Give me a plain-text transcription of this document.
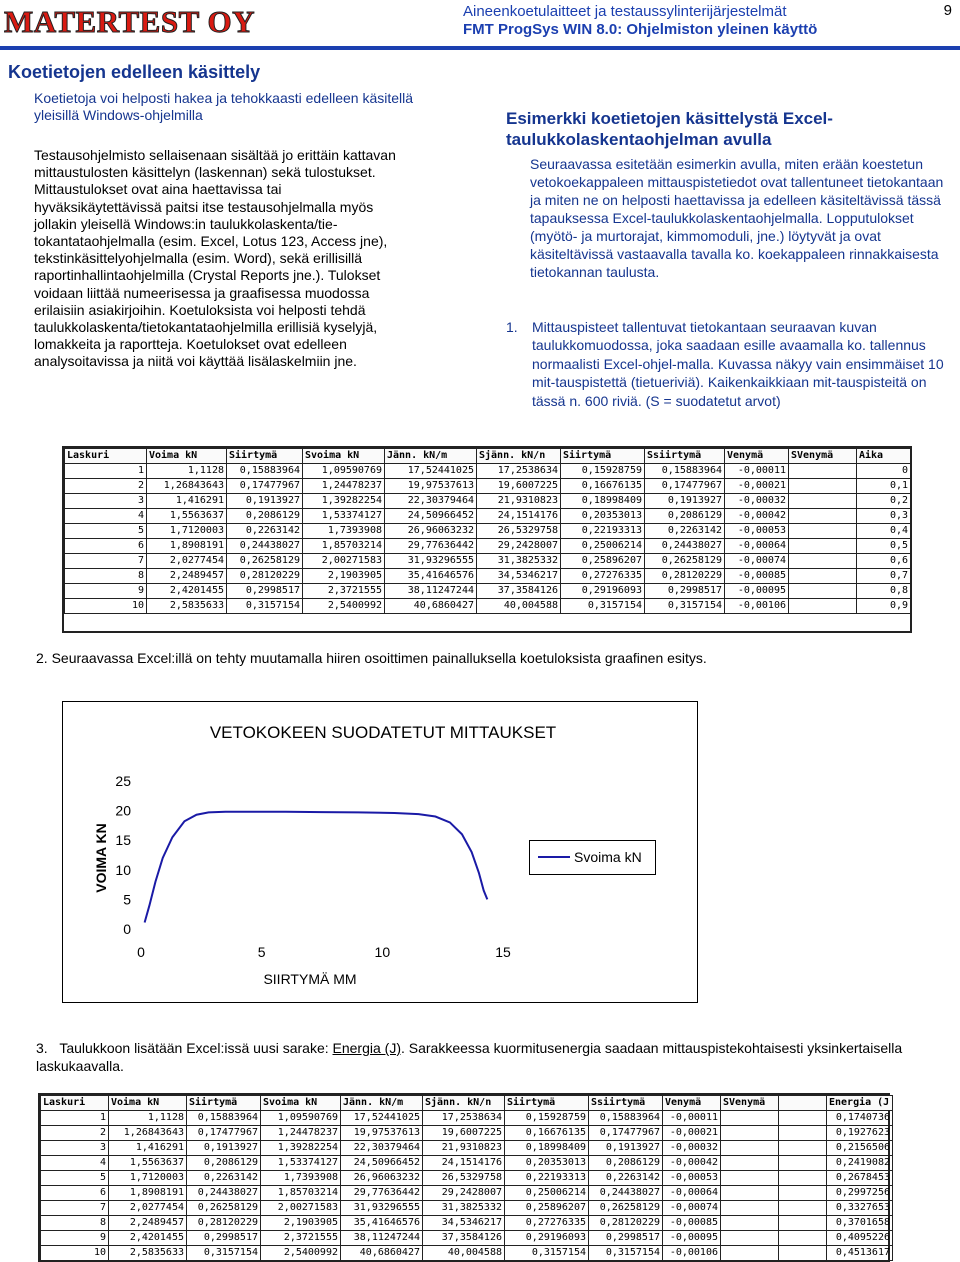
MATERTEST OY	Aineenkoetulaitteet ja testaussylinterijärjestelmät
FMT ProgSys WIN 8.0: Ohjelmiston yleinen käyttö
9
Koetietojen edelleen käsittely
Koetietoja voi helposti hakea ja tehokkaasti edelleen käsitellä yleisillä Windows-ohjelmilla
Testausohjelmisto sellaisenaan sisältää jo erittäin kattavan
mittaustulosten käsittelyn (laskennan) sekä tulostukset.
Mittaustulokset ovat aina haettavissa tai
hyväksikäytettävissä paitsi itse testausohjelmalla myös
jollakin yleisellä Windows:in taulukkolaskenta/tie-
tokantataohjelmalla (esim. Excel, Lotus 123, Access jne),
tekstinkäsittelyohjelmalla (esim. Word), sekä erillisillä
raportinhallintaohjelmilla (Crystal Reports jne.). Tulokset
voidaan liittää numeerisessa ja graafisessa muodossa
erilaisiin asiakirjoihin. Koetuloksista voi helposti tehdä
taulukkolaskenta/tietokantataohjelmilla erillisiä kyselyjä,
lomakkeita ja raportteja. Koetulokset ovat edelleen
analysoitavissa ja niitä voi käyttää lisälaskelmiin jne.
Esimerkki koetietojen käsittelystä Excel-taulukkolaskentaohjelman avulla
Seuraavassa esitetään esimerkin avulla, miten erään koestetun vetokoekappaleen mittauspistetiedot ovat tallentuneet tietokantaan ja miten ne on helposti haettavissa ja edelleen käsiteltävissä tässä tapauksessa Excel-taulukkolaskentaohjelmalla. Lopputulokset (myötö- ja murtorajat, kimmomoduli, jne.) löytyvät ja ovat käsiteltävissä vastaavalla tavalla ko. koekappaleen rinnakkaisesta tietokannan taulusta.
1. Mittauspisteet tallentuvat tietokantaan seuraavan kuvan taulukkomuodossa, joka saadaan esille avaamalla ko. tallennus normaalisti Excel-ohjel-malla. Kuvassa näkyy vain ensimmäiset 10 mit-tauspistettä (tietueriviä). Kaikenkaikkiaan mit-tauspisteitä on tässä n. 600 riviä. (S = suodatetut arvot)
Laskuri	Voima kN	Siirtymä	Svoima kN	Jänn. kN/m	Sjänn. kN/n	Siirtymä	Ssiirtymä	Venymä	SVenymä	Aika
1	1,1128	0,15883964	1,09590769	17,52441025	17,2538634	0,15928759	0,15883964	-0,00011		0
2	1,26843643	0,17477967	1,24478237	19,97537613	19,6007225	0,16676135	0,17477967	-0,00021		0,1
3	1,416291	0,1913927	1,39282254	22,30379464	21,9310823	0,18998409	0,1913927	-0,00032		0,2
4	1,5563637	0,2086129	1,53374127	24,50966452	24,1514176	0,20353013	0,2086129	-0,00042		0,3
5	1,7120003	0,2263142	1,7393908	26,96063232	26,5329758	0,22193313	0,2263142	-0,00053		0,4
6	1,8908191	0,24438027	1,85703214	29,77636442	29,2428007	0,25006214	0,24438027	-0,00064		0,5
7	2,0277454	0,26258129	2,00271583	31,93296555	31,3825332	0,25896207	0,26258129	-0,00074		0,6
8	2,2489457	0,28120229	2,1903905	35,41646576	34,5346217	0,27276335	0,28120229	-0,00085		0,7
9	2,4201455	0,2998517	2,3721555	38,11247244	37,3584126	0,29196093	0,2998517	-0,00095		0,8
10	2,5835633	0,3157154	2,5400992	40,6860427	40,004588	0,3157154	0,3157154	-0,00106		0,9
2. Seuraavassa Excel:illä on tehty muutamalla hiiren osoittimen painalluksella koetuloksista graafinen esitys.
VETOKOKEEN SUODATETUT MITTAUKSET
VOIMA KN
SIIRTYMÄ MM
0
5
10
15
20
25
0	5	10	15
Svoima kN
3. Taulukkoon lisätään Excel:issä uusi sarake: Energia (J). Sarakkeessa kuormitusenergia saadaan mittauspistekohtaisesti yksinkertaisella laskukaavalla.
Laskuri	Voima kN	Siirtymä	Svoima kN	Jänn. kN/m	Sjänn. kN/n	Siirtymä	Ssiirtymä	Venymä	SVenymä		Energia (J
1	1,1128	0,15883964	1,09590769	17,52441025	17,2538634	0,15928759	0,15883964	-0,00011			0,1740736
2	1,26843643	0,17477967	1,24478237	19,97537613	19,6007225	0,16676135	0,17477967	-0,00021			0,1927623
3	1,416291	0,1913927	1,39282254	22,30379464	21,9310823	0,18998409	0,1913927	-0,00032			0,2156506
4	1,5563637	0,2086129	1,53374127	24,50966452	24,1514176	0,20353013	0,2086129	-0,00042			0,2419082
5	1,7120003	0,2263142	1,7393908	26,96063232	26,5329758	0,22193313	0,2263142	-0,00053			0,2678453
6	1,8908191	0,24438027	1,85703214	29,77636442	29,2428007	0,25006214	0,24438027	-0,00064			0,2997256
7	2,0277454	0,26258129	2,00271583	31,93296555	31,3825332	0,25896207	0,26258129	-0,00074			0,3327653
8	2,2489457	0,28120229	2,1903905	35,41646576	34,5346217	0,27276335	0,28120229	-0,00085			0,3701658
9	2,4201455	0,2998517	2,3721555	38,11247244	37,3584126	0,29196093	0,2998517	-0,00095			0,4095226
10	2,5835633	0,3157154	2,5400992	40,6860427	40,004588	0,3157154	0,3157154	-0,00106			0,4513617
